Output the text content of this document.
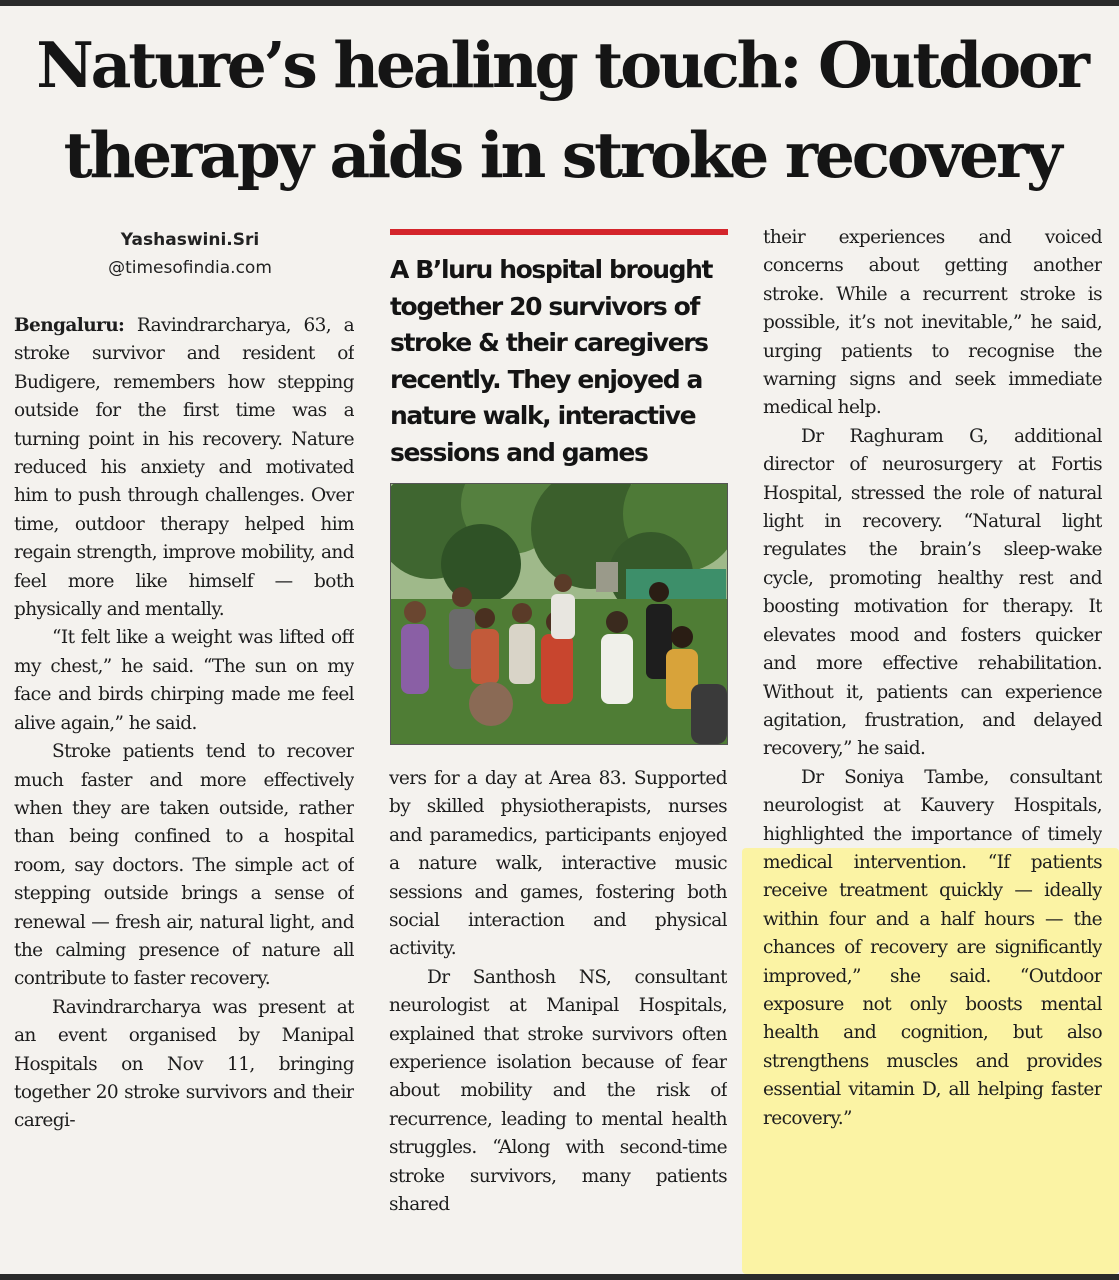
Nature’s healing touch: Outdoor
therapy aids in stroke recovery
Yashaswini.Sri
@timesofindia.com

Bengaluru: Ravindrarcharya, 63, a stroke survivor and resident of Budigere, remembers how stepping outside for the first time was a turning point in his recovery. Nature reduced his anxiety and motivated him to push through challenges. Over time, outdoor therapy helped him regain strength, improve mobility, and feel more like himself — both physically and mentally.

“It felt like a weight was lifted off my chest,” he said. “The sun on my face and birds chirping made me feel alive again,” he said.

Stroke patients tend to recover much faster and more effectively when they are taken outside, rather than being confined to a hospital room, say doctors. The simple act of stepping outside brings a sense of renewal — fresh air, natural light, and the calming presence of nature all contribute to faster recovery.

Ravindrarcharya was present at an event organised by Manipal Hospitals on Nov 11, bringing together 20 stroke survivors and their caregi-

A B’luru hospital brought together 20 survivors of stroke & their caregivers recently. They enjoyed a nature walk, interactive sessions and games

vers for a day at Area 83. Supported by skilled physiotherapists, nurses and paramedics, participants enjoyed a nature walk, interactive music sessions and games, fostering both social interaction and physical activity.

Dr Santhosh NS, consultant neurologist at Manipal Hospitals, explained that stroke survivors often experience isolation because of fear about mobility and the risk of recurrence, leading to mental health struggles. “Along with second-time stroke survivors, many patients shared

their experiences and voiced concerns about getting another stroke. While a recurrent stroke is possible, it’s not inevitable,” he said, urging patients to recognise the warning signs and seek immediate medical help.

Dr Raghuram G, additional director of neurosurgery at Fortis Hospital, stressed the role of natural light in recovery. “Natural light regulates the brain’s sleep-wake cycle, promoting healthy rest and boosting motivation for therapy. It elevates mood and fosters quicker and more effective rehabilitation. Without it, patients can experience agitation, frustration, and delayed recovery,” he said.

Dr Soniya Tambe, consultant neurologist at Kauvery Hospitals, highlighted the importance of timely medical intervention. “If patients receive treatment quickly — ideally within four and a half hours — the chances of recovery are significantly improved,” she said. “Outdoor exposure not only boosts mental health and cognition, but also strengthens muscles and provides essential vitamin D, all helping faster recovery.”
